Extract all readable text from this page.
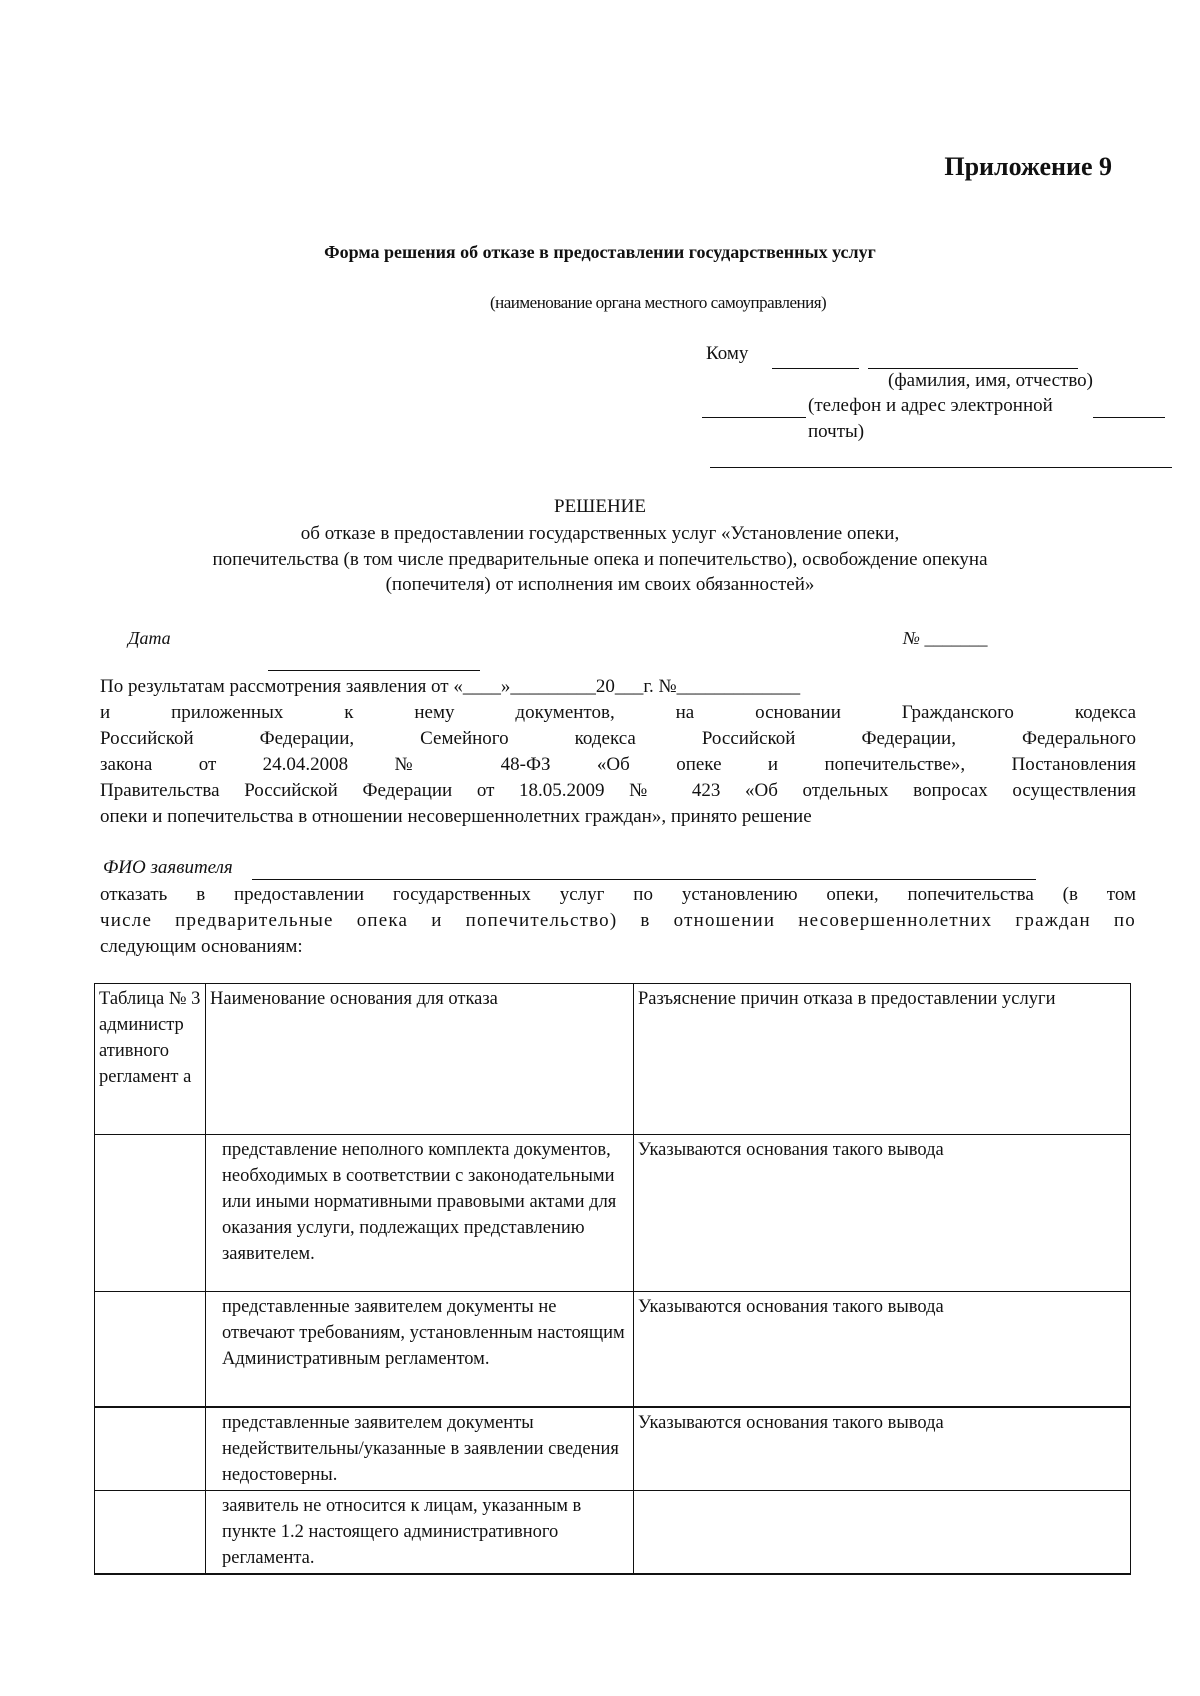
Приложение 9
Форма решения об отказе в предоставлении государственных услуг
(наименование органа местного самоуправления)
Кому
(фамилия, имя, отчество)
(телефон и адрес электронной
почты)
РЕШЕНИЕ
об отказе в предоставлении государственных услуг «Установление опеки,
попечительства (в том числе предварительные опека и попечительство), освобождение опекуна
(попечителя) от исполнения им своих обязанностей»
Дата	№ _______
По результатам рассмотрения заявления от «____»_________20___г. №_____________
и приложенных к нему документов, на основании Гражданского кодекса
Российской Федерации, Семейного кодекса Российской Федерации, Федерального
закона от 24.04.2008 № 48-ФЗ «Об опеке и попечительстве», Постановления
Правительства Российской Федерации от 18.05.2009 № 423 «Об отдельных вопросах осуществления
опеки и попечительства в отношении несовершеннолетних граждан», принято решение
ФИО заявителя
отказать в предоставлении государственных услуг по установлению опеки, попечительства (в том
числе предварительные опека и попечительство) в отношении несовершеннолетних граждан по
следующим основаниям:
Таблица № 3 администр ативного регламент а	Наименование основания для отказа	Разъяснение причин отказа в предоставлении услуги
	представление неполного комплекта документов, необходимых в соответствии с законодательными или иными нормативными правовыми актами для оказания услуги, подлежащих представлению заявителем.	Указываются основания такого вывода
	представленные заявителем документы не отвечают требованиям, установленным настоящим Административным регламентом.	Указываются основания такого вывода
	представленные заявителем документы недействительны/указанные в заявлении сведения недостоверны.	Указываются основания такого вывода
	заявитель не относится к лицам, указанным в пункте 1.2 настоящего административного регламента.	
